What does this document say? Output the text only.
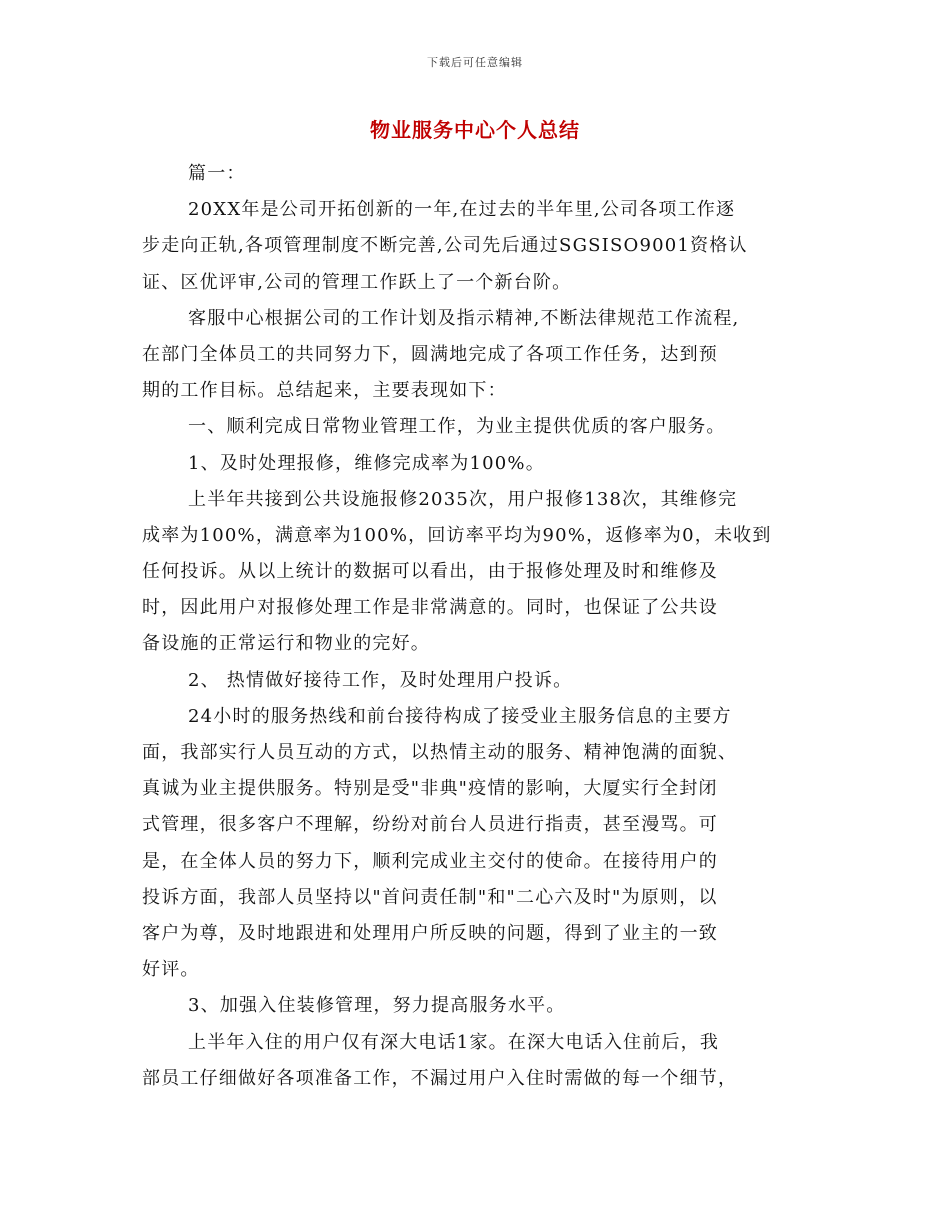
下载后可任意编辑
物业服务中心个人总结
篇一：
20XX年是公司开拓创新的一年,在过去的半年里,公司各项工作逐
步走向正轨,各项管理制度不断完善,公司先后通过SGSISO9001资格认
证、区优评审,公司的管理工作跃上了一个新台阶。
客服中心根据公司的工作计划及指示精神,不断法律规范工作流程,
在部门全体员工的共同努力下，圆满地完成了各项工作任务，达到预
期的工作目标。总结起来，主要表现如下：
一、顺利完成日常物业管理工作，为业主提供优质的客户服务。
1、及时处理报修，维修完成率为100%。
上半年共接到公共设施报修2035次，用户报修138次，其维修完
成率为100%，满意率为100%，回访率平均为90%，返修率为0，未收到
任何投诉。从以上统计的数据可以看出，由于报修处理及时和维修及
时，因此用户对报修处理工作是非常满意的。同时，也保证了公共设
备设施的正常运行和物业的完好。
2、 热情做好接待工作，及时处理用户投诉。
24小时的服务热线和前台接待构成了接受业主服务信息的主要方
面，我部实行人员互动的方式，以热情主动的服务、精神饱满的面貌、
真诚为业主提供服务。特别是受"非典"疫情的影响，大厦实行全封闭
式管理，很多客户不理解，纷纷对前台人员进行指责，甚至漫骂。可
是，在全体人员的努力下，顺利完成业主交付的使命。在接待用户的
投诉方面，我部人员坚持以"首问责任制"和"二心六及时"为原则，以
客户为尊，及时地跟进和处理用户所反映的问题，得到了业主的一致
好评。
3、加强入住装修管理，努力提高服务水平。
上半年入住的用户仅有深大电话1家。在深大电话入住前后，我
部员工仔细做好各项准备工作，不漏过用户入住时需做的每一个细节，
